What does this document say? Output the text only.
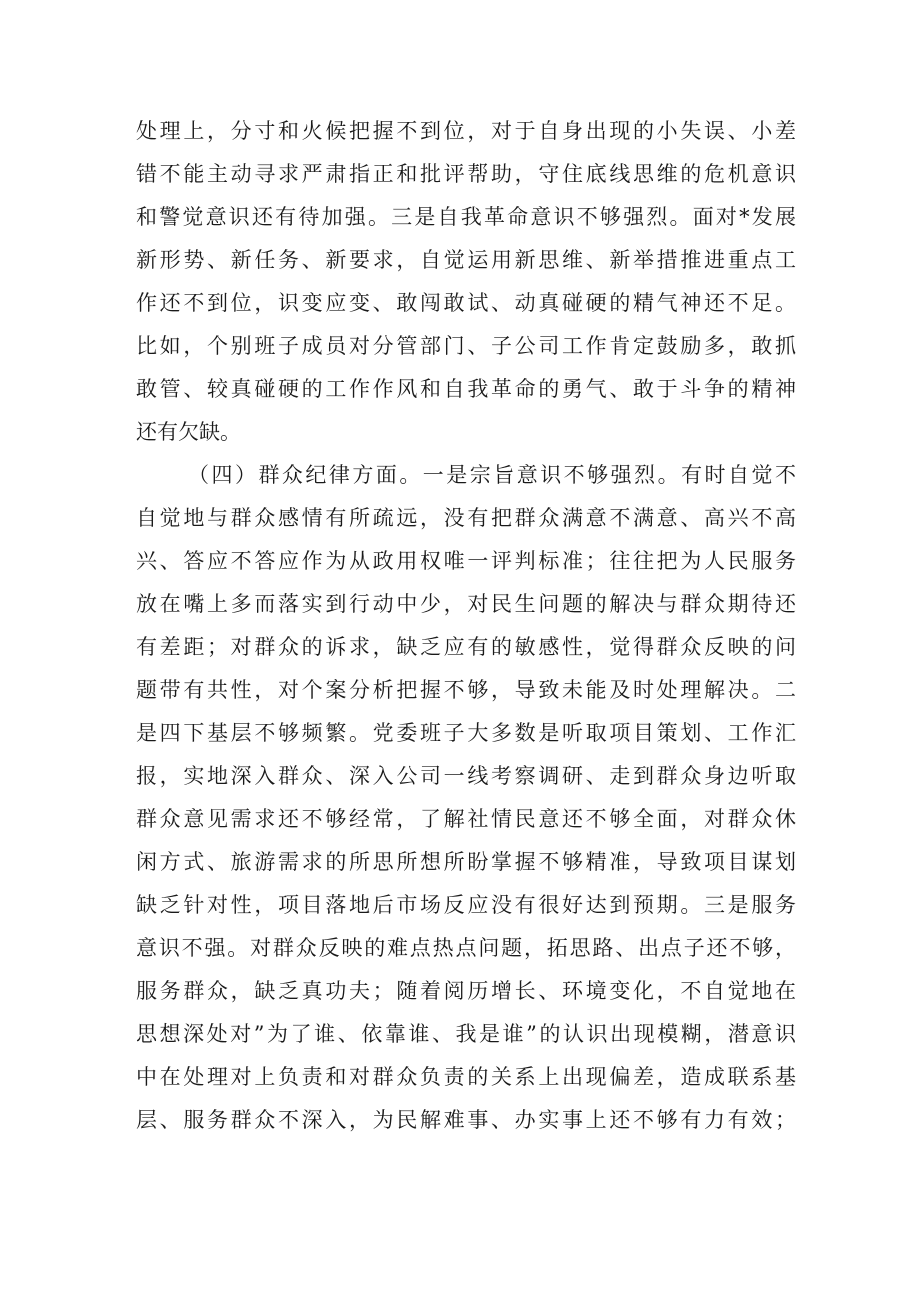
处理上，分寸和火候把握不到位，对于自身出现的小失误、小差
错不能主动寻求严肃指正和批评帮助，守住底线思维的危机意识
和警觉意识还有待加强。三是自我革命意识不够强烈。面对*发展
新形势、新任务、新要求，自觉运用新思维、新举措推进重点工
作还不到位，识变应变、敢闯敢试、动真碰硬的精气神还不足。
比如，个别班子成员对分管部门、子公司工作肯定鼓励多，敢抓
敢管、较真碰硬的工作作风和自我革命的勇气、敢于斗争的精神
还有欠缺。
（四）群众纪律方面。一是宗旨意识不够强烈。有时自觉不
自觉地与群众感情有所疏远，没有把群众满意不满意、高兴不高
兴、答应不答应作为从政用权唯一评判标准；往往把为人民服务
放在嘴上多而落实到行动中少，对民生问题的解决与群众期待还
有差距；对群众的诉求，缺乏应有的敏感性，觉得群众反映的问
题带有共性，对个案分析把握不够，导致未能及时处理解决。二
是四下基层不够频繁。党委班子大多数是听取项目策划、工作汇
报，实地深入群众、深入公司一线考察调研、走到群众身边听取
群众意见需求还不够经常，了解社情民意还不够全面，对群众休
闲方式、旅游需求的所思所想所盼掌握不够精准，导致项目谋划
缺乏针对性，项目落地后市场反应没有很好达到预期。三是服务
意识不强。对群众反映的难点热点问题，拓思路、出点子还不够，
服务群众，缺乏真功夫；随着阅历增长、环境变化，不自觉地在
思想深处对”为了谁、依靠谁、我是谁”的认识出现模糊，潜意识
中在处理对上负责和对群众负责的关系上出现偏差，造成联系基
层、服务群众不深入，为民解难事、办实事上还不够有力有效；
